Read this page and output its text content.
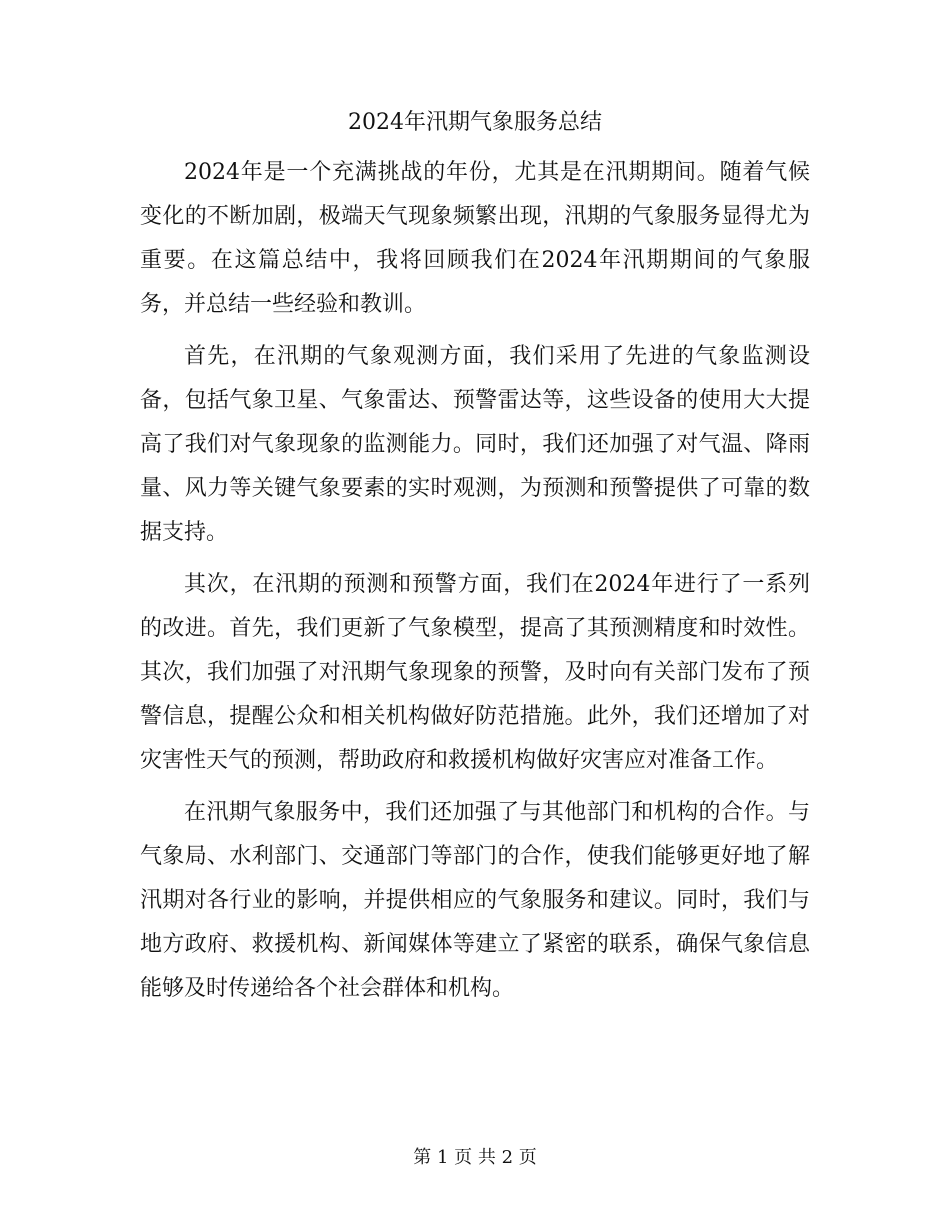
2024年汛期气象服务总结

2024年是一个充满挑战的年份，尤其是在汛期期间。随着气候变化的不断加剧，极端天气现象频繁出现，汛期的气象服务显得尤为重要。在这篇总结中，我将回顾我们在2024年汛期期间的气象服务，并总结一些经验和教训。

首先，在汛期的气象观测方面，我们采用了先进的气象监测设备，包括气象卫星、气象雷达、预警雷达等，这些设备的使用大大提高了我们对气象现象的监测能力。同时，我们还加强了对气温、降雨量、风力等关键气象要素的实时观测，为预测和预警提供了可靠的数据支持。

其次，在汛期的预测和预警方面，我们在2024年进行了一系列的改进。首先，我们更新了气象模型，提高了其预测精度和时效性。其次，我们加强了对汛期气象现象的预警，及时向有关部门发布了预警信息，提醒公众和相关机构做好防范措施。此外，我们还增加了对灾害性天气的预测，帮助政府和救援机构做好灾害应对准备工作。

在汛期气象服务中，我们还加强了与其他部门和机构的合作。与气象局、水利部门、交通部门等部门的合作，使我们能够更好地了解汛期对各行业的影响，并提供相应的气象服务和建议。同时，我们与地方政府、救援机构、新闻媒体等建立了紧密的联系，确保气象信息能够及时传递给各个社会群体和机构。

第 1 页 共 2 页
